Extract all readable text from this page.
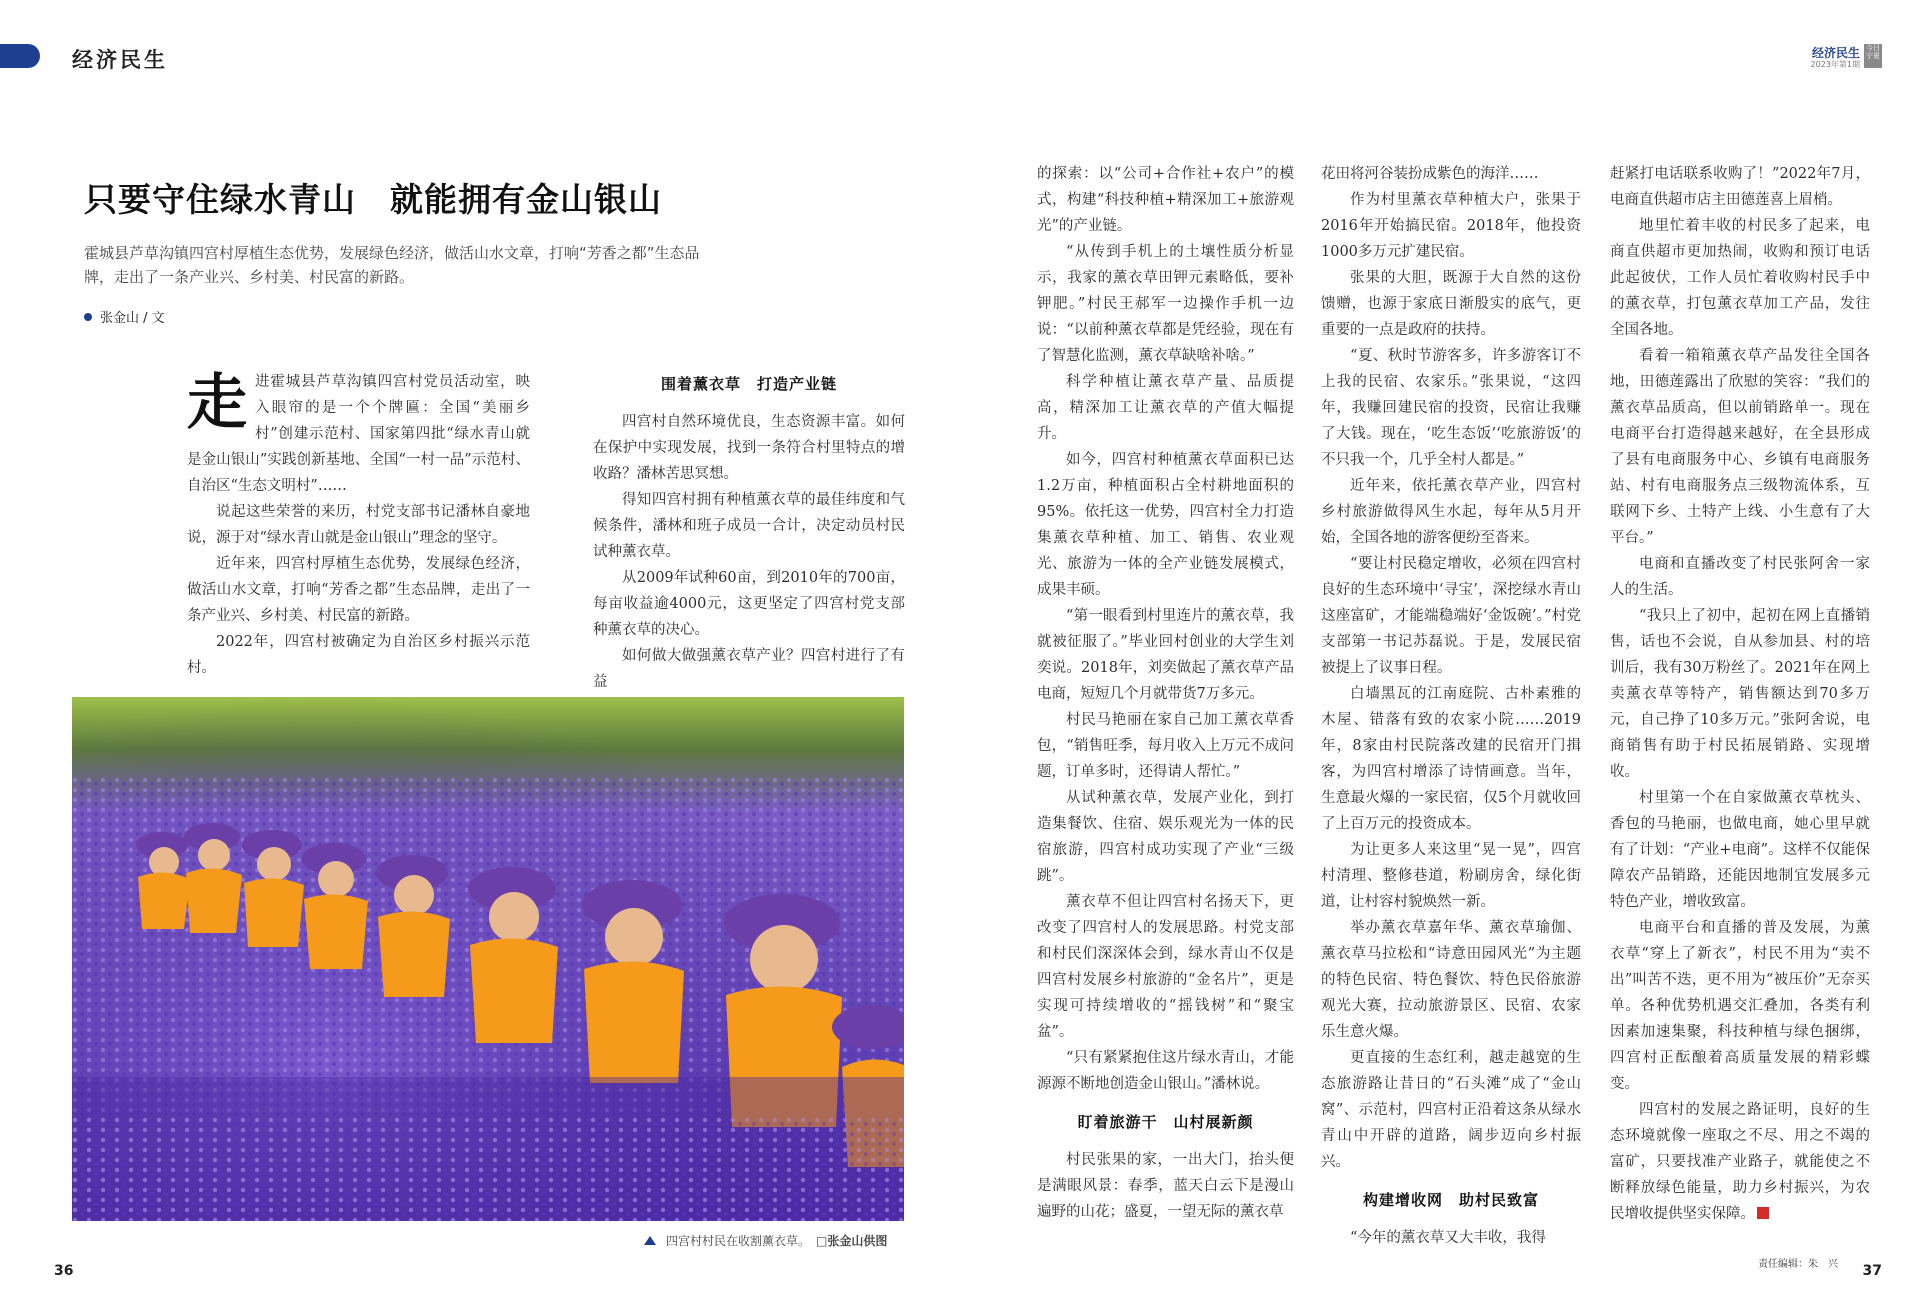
经济民生	经济民生
2023年第1期
今日宁夏
只要守住绿水青山　就能拥有金山银山
霍城县芦草沟镇四宫村厚植生态优势，发展绿色经济，做活山水文章，打响“芳香之都”生态品牌，走出了一条产业兴、乡村美、村民富的新路。
张金山 / 文
走 进霍城县芦草沟镇四宫村党员活动室，映入眼帘的是一个个牌匾：全国“美丽乡村”创建示范村、国家第四批“绿水青山就是金山银山”实践创新基地、全国“一村一品”示范村、自治区“生态文明村”……

说起这些荣誉的来历，村党支部书记潘林自豪地说，源于对“绿水青山就是金山银山”理念的坚守。

近年来，四宫村厚植生态优势，发展绿色经济，做活山水文章，打响“芳香之都”生态品牌，走出了一条产业兴、乡村美、村民富的新路。

2022年，四宫村被确定为自治区乡村振兴示范村。

围着薰衣草　打造产业链

四宫村自然环境优良，生态资源丰富。如何在保护中实现发展，找到一条符合村里特点的增收路？潘林苦思冥想。

得知四宫村拥有种植薰衣草的最佳纬度和气候条件，潘林和班子成员一合计，决定动员村民试种薰衣草。

从2009年试种60亩，到2010年的700亩，每亩收益逾4000元，这更坚定了四宫村党支部种薰衣草的决心。

如何做大做强薰衣草产业？四宫村进行了有益

的探索：以“公司+合作社+农户”的模式，构建“科技种植+精深加工+旅游观光”的产业链。

“从传到手机上的土壤性质分析显示，我家的薰衣草田钾元素略低，要补钾肥。”村民王郝军一边操作手机一边说：“以前种薰衣草都是凭经验，现在有了智慧化监测，薰衣草缺啥补啥。”

科学种植让薰衣草产量、品质提高，精深加工让薰衣草的产值大幅提升。

如今，四宫村种植薰衣草面积已达1.2万亩，种植面积占全村耕地面积的95%。依托这一优势，四宫村全力打造集薰衣草种植、加工、销售、农业观光、旅游为一体的全产业链发展模式，成果丰硕。

“第一眼看到村里连片的薰衣草，我就被征服了。”毕业回村创业的大学生刘奕说。2018年，刘奕做起了薰衣草产品电商，短短几个月就带货7万多元。

村民马艳丽在家自己加工薰衣草香包，“销售旺季，每月收入上万元不成问题，订单多时，还得请人帮忙。”

从试种薰衣草，发展产业化，到打造集餐饮、住宿、娱乐观光为一体的民宿旅游，四宫村成功实现了产业“三级跳”。

薰衣草不但让四宫村名扬天下，更改变了四宫村人的发展思路。村党支部和村民们深深体会到，绿水青山不仅是四宫村发展乡村旅游的“金名片”，更是实现可持续增收的“摇钱树”和“聚宝盆”。

“只有紧紧抱住这片绿水青山，才能源源不断地创造金山银山。”潘林说。

盯着旅游干　山村展新颜

村民张果的家，一出大门，抬头便是满眼风景：春季，蓝天白云下是漫山遍野的山花；盛夏，一望无际的薰衣草

花田将河谷装扮成紫色的海洋……

作为村里薰衣草种植大户，张果于2016年开始搞民宿。2018年，他投资1000多万元扩建民宿。

张果的大胆，既源于大自然的这份馈赠，也源于家底日渐殷实的底气，更重要的一点是政府的扶持。

“夏、秋时节游客多，许多游客订不上我的民宿、农家乐。”张果说，“这四年，我赚回建民宿的投资，民宿让我赚了大钱。现在，‘吃生态饭’‘吃旅游饭’的不只我一个，几乎全村人都是。”

近年来，依托薰衣草产业，四宫村乡村旅游做得风生水起，每年从5月开始，全国各地的游客便纷至沓来。

“要让村民稳定增收，必须在四宫村良好的生态环境中‘寻宝’，深挖绿水青山这座富矿，才能端稳端好‘金饭碗’。”村党支部第一书记苏磊说。于是，发展民宿被提上了议事日程。

白墙黑瓦的江南庭院、古朴素雅的木屋、错落有致的农家小院……2019年，8家由村民院落改建的民宿开门揖客，为四宫村增添了诗情画意。当年，生意最火爆的一家民宿，仅5个月就收回了上百万元的投资成本。

为让更多人来这里“晃一晃”，四宫村清理、整修巷道，粉刷房舍，绿化街道，让村容村貌焕然一新。

举办薰衣草嘉年华、薰衣草瑜伽、薰衣草马拉松和“诗意田园风光”为主题的特色民宿、特色餐饮、特色民俗旅游观光大赛，拉动旅游景区、民宿、农家乐生意火爆。

更直接的生态红利，越走越宽的生态旅游路让昔日的“石头滩”成了“金山窝”、示范村，四宫村正沿着这条从绿水青山中开辟的道路，阔步迈向乡村振兴。

构建增收网　助村民致富

“今年的薰衣草又大丰收，我得

赶紧打电话联系收购了！”2022年7月，电商直供超市店主田德莲喜上眉梢。

地里忙着丰收的村民多了起来，电商直供超市更加热闹，收购和预订电话此起彼伏，工作人员忙着收购村民手中的薰衣草，打包薰衣草加工产品，发往全国各地。

看着一箱箱薰衣草产品发往全国各地，田德莲露出了欣慰的笑容：“我们的薰衣草品质高，但以前销路单一。现在电商平台打造得越来越好，在全县形成了县有电商服务中心、乡镇有电商服务站、村有电商服务点三级物流体系，互联网下乡、土特产上线、小生意有了大平台。”

电商和直播改变了村民张阿舍一家人的生活。

“我只上了初中，起初在网上直播销售，话也不会说，自从参加县、村的培训后，我有30万粉丝了。2021年在网上卖薰衣草等特产，销售额达到70多万元，自己挣了10多万元。”张阿舍说，电商销售有助于村民拓展销路、实现增收。

村里第一个在自家做薰衣草枕头、香包的马艳丽，也做电商，她心里早就有了计划：“产业+电商”。这样不仅能保障农产品销路，还能因地制宜发展多元特色产业，增收致富。

电商平台和直播的普及发展，为薰衣草“穿上了新衣”，村民不用为“卖不出”叫苦不迭，更不用为“被压价”无奈买单。各种优势机遇交汇叠加，各类有利因素加速集聚，科技种植与绿色捆绑，四宫村正酝酿着高质量发展的精彩蝶变。

四宫村的发展之路证明，良好的生态环境就像一座取之不尽、用之不竭的富矿，只要找准产业路子，就能使之不断释放绿色能量，助力乡村振兴，为农民增收提供坚实保障。

四宫村村民在收割薰衣草。 □张金山供图
36	37
责任编辑：朱　兴
